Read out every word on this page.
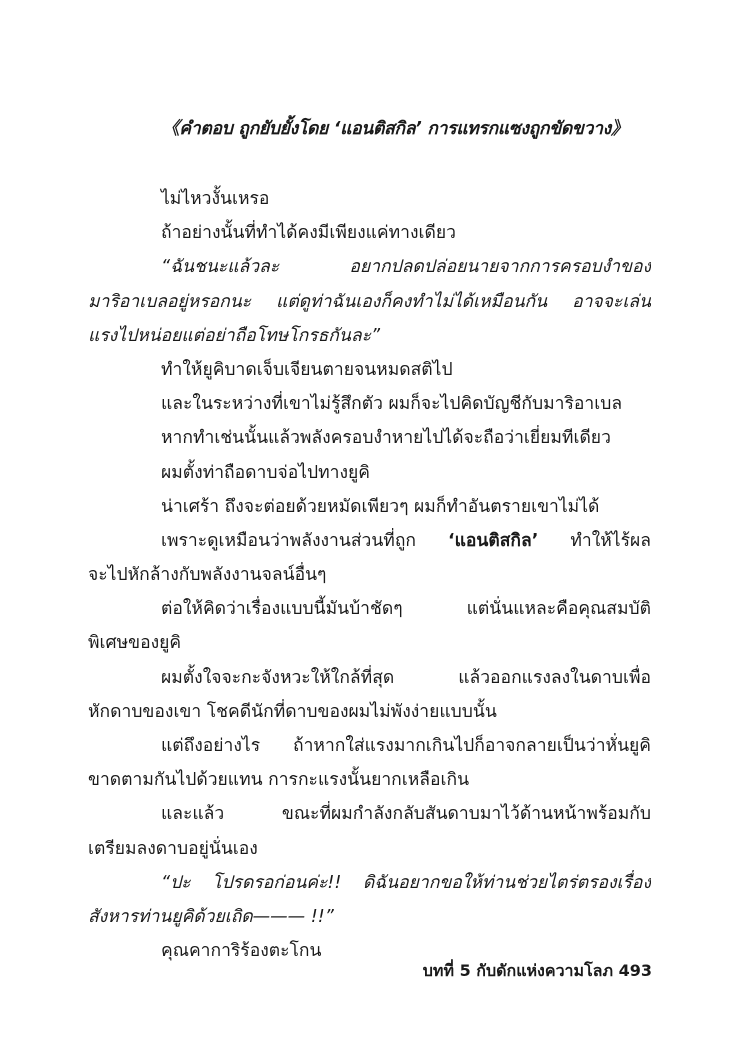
《คำตอบ ถูกยับยั้งโดย ‘แอนติสกิล’ การแทรกแซงถูกขัดขวาง》
ไม่ไหวงั้นเหรอ
ถ้าอย่างนั้นที่ทำได้คงมีเพียงแค่ทางเดียว
“ฉันชนะแล้วละ อยากปลดปล่อยนายจากการครอบงำของ
มาริอาเบลอยู่หรอกนะ แต่ดูท่าฉันเองก็คงทำไม่ได้เหมือนกัน อาจจะเล่น
แรงไปหน่อยแต่อย่าถือโทษโกรธกันละ”
ทำให้ยูคิบาดเจ็บเจียนตายจนหมดสติไป
และในระหว่างที่เขาไม่รู้สึกตัว ผมก็จะไปคิดบัญชีกับมาริอาเบล
หากทำเช่นนั้นแล้วพลังครอบงำหายไปได้จะถือว่าเยี่ยมทีเดียว
ผมตั้งท่าถือดาบจ่อไปทางยูคิ
น่าเศร้า ถึงจะต่อยด้วยหมัดเพียวๆ ผมก็ทำอันตรายเขาไม่ได้
เพราะดูเหมือนว่าพลังงานส่วนที่ถูก ‘แอนติสกิล’ ทำให้ไร้ผล
จะไปหักล้างกับพลังงานจลน์อื่นๆ
ต่อให้คิดว่าเรื่องแบบนี้มันบ้าชัดๆ แต่นั่นแหละคือคุณสมบัติ
พิเศษของยูคิ
ผมตั้งใจจะกะจังหวะให้ใกล้ที่สุด แล้วออกแรงลงในดาบเพื่อ
หักดาบของเขา โชคดีนักที่ดาบของผมไม่พังง่ายแบบนั้น
แต่ถึงอย่างไร ถ้าหากใส่แรงมากเกินไปก็อาจกลายเป็นว่าหั่นยูคิ
ขาดตามกันไปด้วยแทน การกะแรงนั้นยากเหลือเกิน
และแล้ว ขณะที่ผมกำลังกลับสันดาบมาไว้ด้านหน้าพร้อมกับ
เตรียมลงดาบอยู่นั่นเอง
“ปะ โปรดรอก่อนค่ะ!! ดิฉันอยากขอให้ท่านช่วยไตร่ตรองเรื่อง
สังหารท่านยูคิด้วยเถิด——— !!”
คุณคาการิร้องตะโกน
บทที่ 5 กับดักแห่งความโลภ 493
